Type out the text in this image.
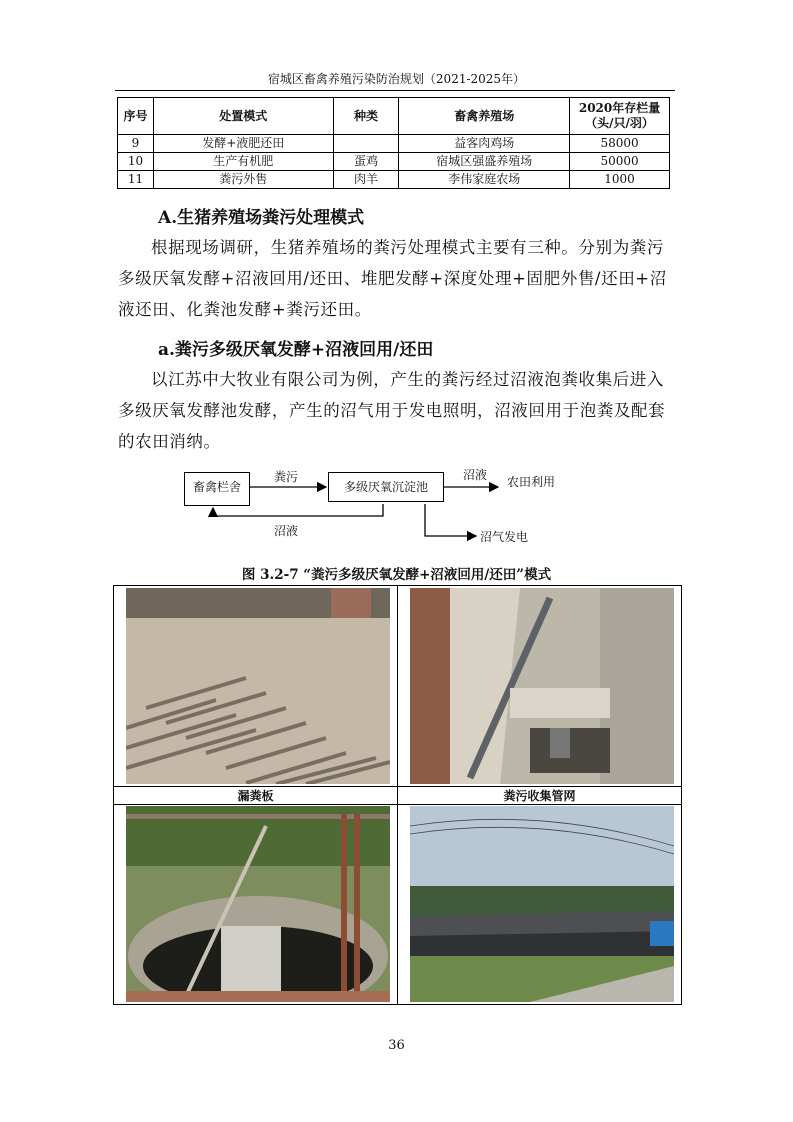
宿城区畜禽养殖污染防治规划（2021-2025年）
序号	处置模式	种类	畜禽养殖场	2020年存栏量
（头/只/羽）
9	发酵+液肥还田		益客肉鸡场	58000
10	生产有机肥	蛋鸡	宿城区强盛养殖场	50000
11	粪污外售	肉羊	李伟家庭农场	1000
A.生猪养殖场粪污处理模式

根据现场调研，生猪养殖场的粪污处理模式主要有三种。分别为粪污多级厌氧发酵+沼液回用/还田、堆肥发酵+深度处理+固肥外售/还田+沼液还田、化粪池发酵+粪污还田。

a.粪污多级厌氧发酵+沼液回用/还田

以江苏中大牧业有限公司为例，产生的粪污经过沼液泡粪收集后进入多级厌氧发酵池发酵，产生的沼气用于发电照明，沼液回用于泡粪及配套的农田消纳。

畜禽栏舍	多级厌氧沉淀池
粪污	沼液 农田利用
沼液	沼气发电
图 3.2-7 “粪污多级厌氧发酵+沼液回用/还田”模式
漏粪板	粪污收集管网
36
